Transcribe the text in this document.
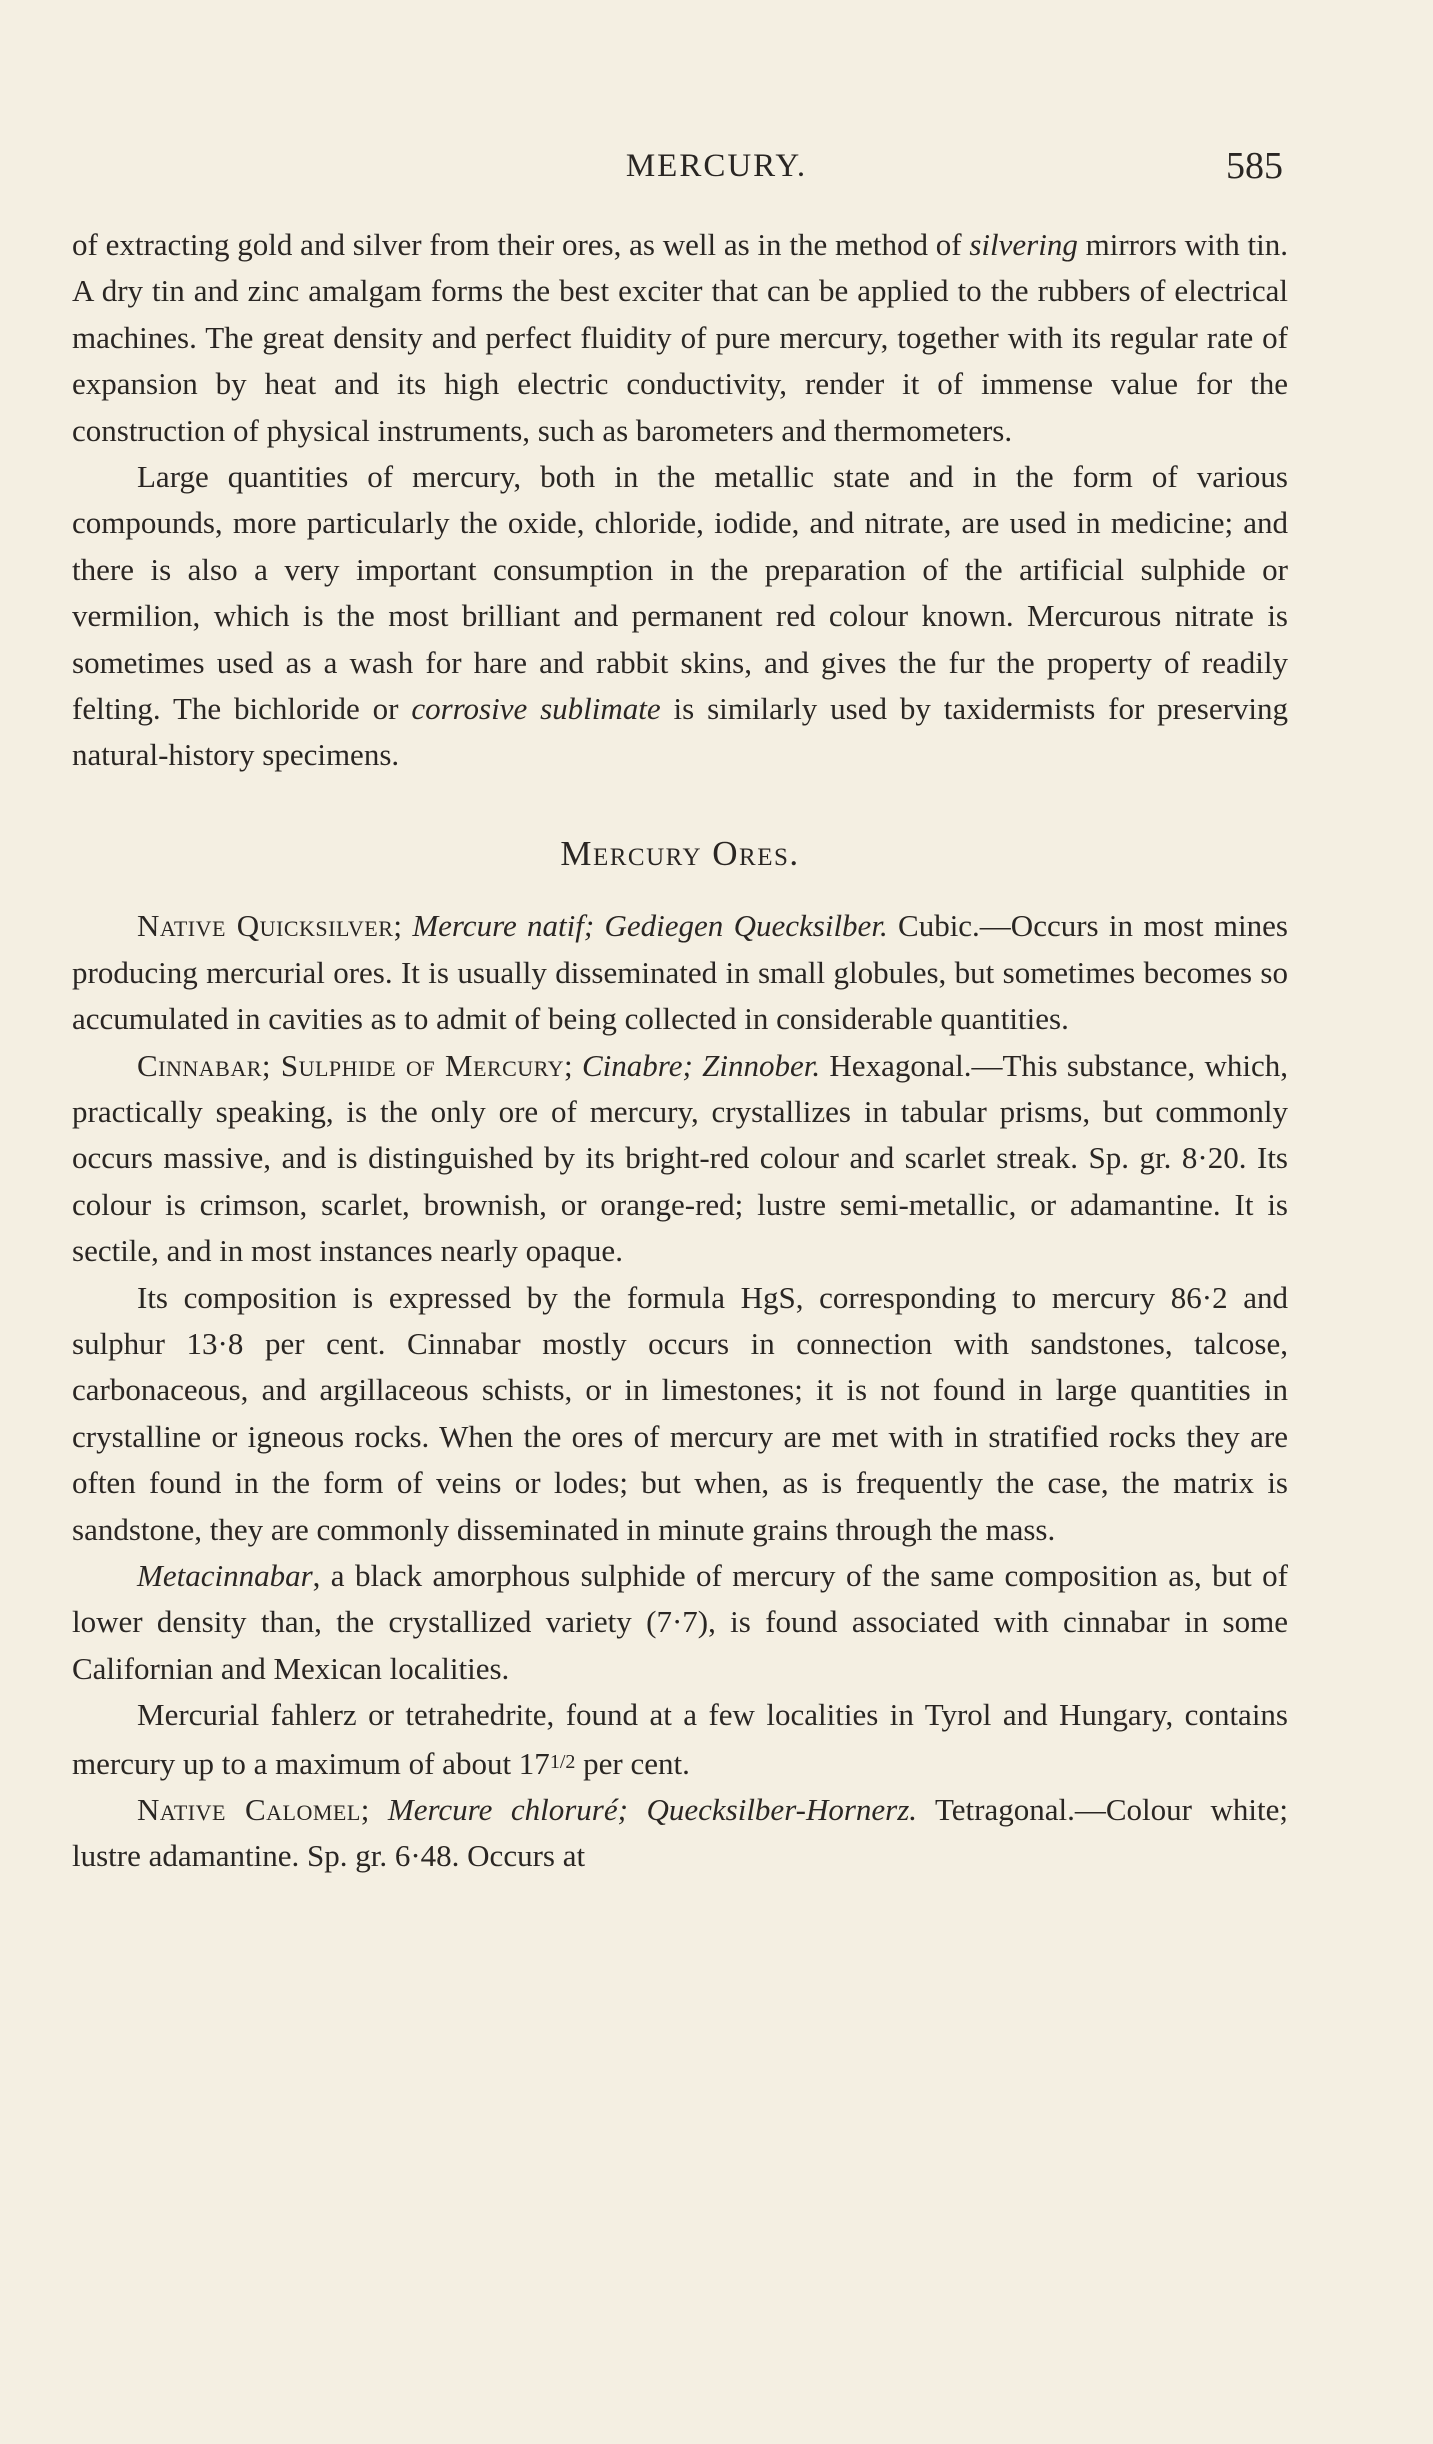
MERCURY.	585

of extracting gold and silver from their ores, as well as in the method of silvering mirrors with tin. A dry tin and zinc amalgam forms the best exciter that can be applied to the rubbers of electrical machines. The great density and perfect fluidity of pure mercury, together with its regular rate of expansion by heat and its high electric conductivity, render it of immense value for the construction of physical instruments, such as barometers and thermometers.

Large quantities of mercury, both in the metallic state and in the form of various compounds, more particularly the oxide, chloride, iodide, and nitrate, are used in medicine; and there is also a very important consumption in the preparation of the artificial sulphide or vermilion, which is the most brilliant and permanent red colour known. Mercurous nitrate is sometimes used as a wash for hare and rabbit skins, and gives the fur the property of readily felting. The bichloride or corrosive sublimate is similarly used by taxidermists for preserving natural-history specimens.

Mercury Ores.

Native Quicksilver; Mercure natif; Gediegen Quecksilber. Cubic.—Occurs in most mines producing mercurial ores. It is usually disseminated in small globules, but sometimes becomes so accumulated in cavities as to admit of being collected in considerable quantities.

Cinnabar; Sulphide of Mercury; Cinabre; Zinnober. Hexagonal.—This substance, which, practically speaking, is the only ore of mercury, crystallizes in tabular prisms, but commonly occurs massive, and is distinguished by its bright-red colour and scarlet streak. Sp. gr. 8·20. Its colour is crimson, scarlet, brownish, or orange-red; lustre semi-metallic, or adamantine. It is sectile, and in most instances nearly opaque.

Its composition is expressed by the formula HgS, corresponding to mercury 86·2 and sulphur 13·8 per cent. Cinnabar mostly occurs in connection with sandstones, talcose, carbonaceous, and argillaceous schists, or in limestones; it is not found in large quantities in crystalline or igneous rocks. When the ores of mercury are met with in stratified rocks they are often found in the form of veins or lodes; but when, as is frequently the case, the matrix is sandstone, they are commonly disseminated in minute grains through the mass.

Metacinnabar, a black amorphous sulphide of mercury of the same composition as, but of lower density than, the crystallized variety (7·7), is found associated with cinnabar in some Californian and Mexican localities.

Mercurial fahlerz or tetrahedrite, found at a few localities in Tyrol and Hungary, contains mercury up to a maximum of about 171/2 per cent.

Native Calomel; Mercure chloruré; Quecksilber-Hornerz. Tetragonal.—Colour white; lustre adamantine. Sp. gr. 6·48. Occurs at
